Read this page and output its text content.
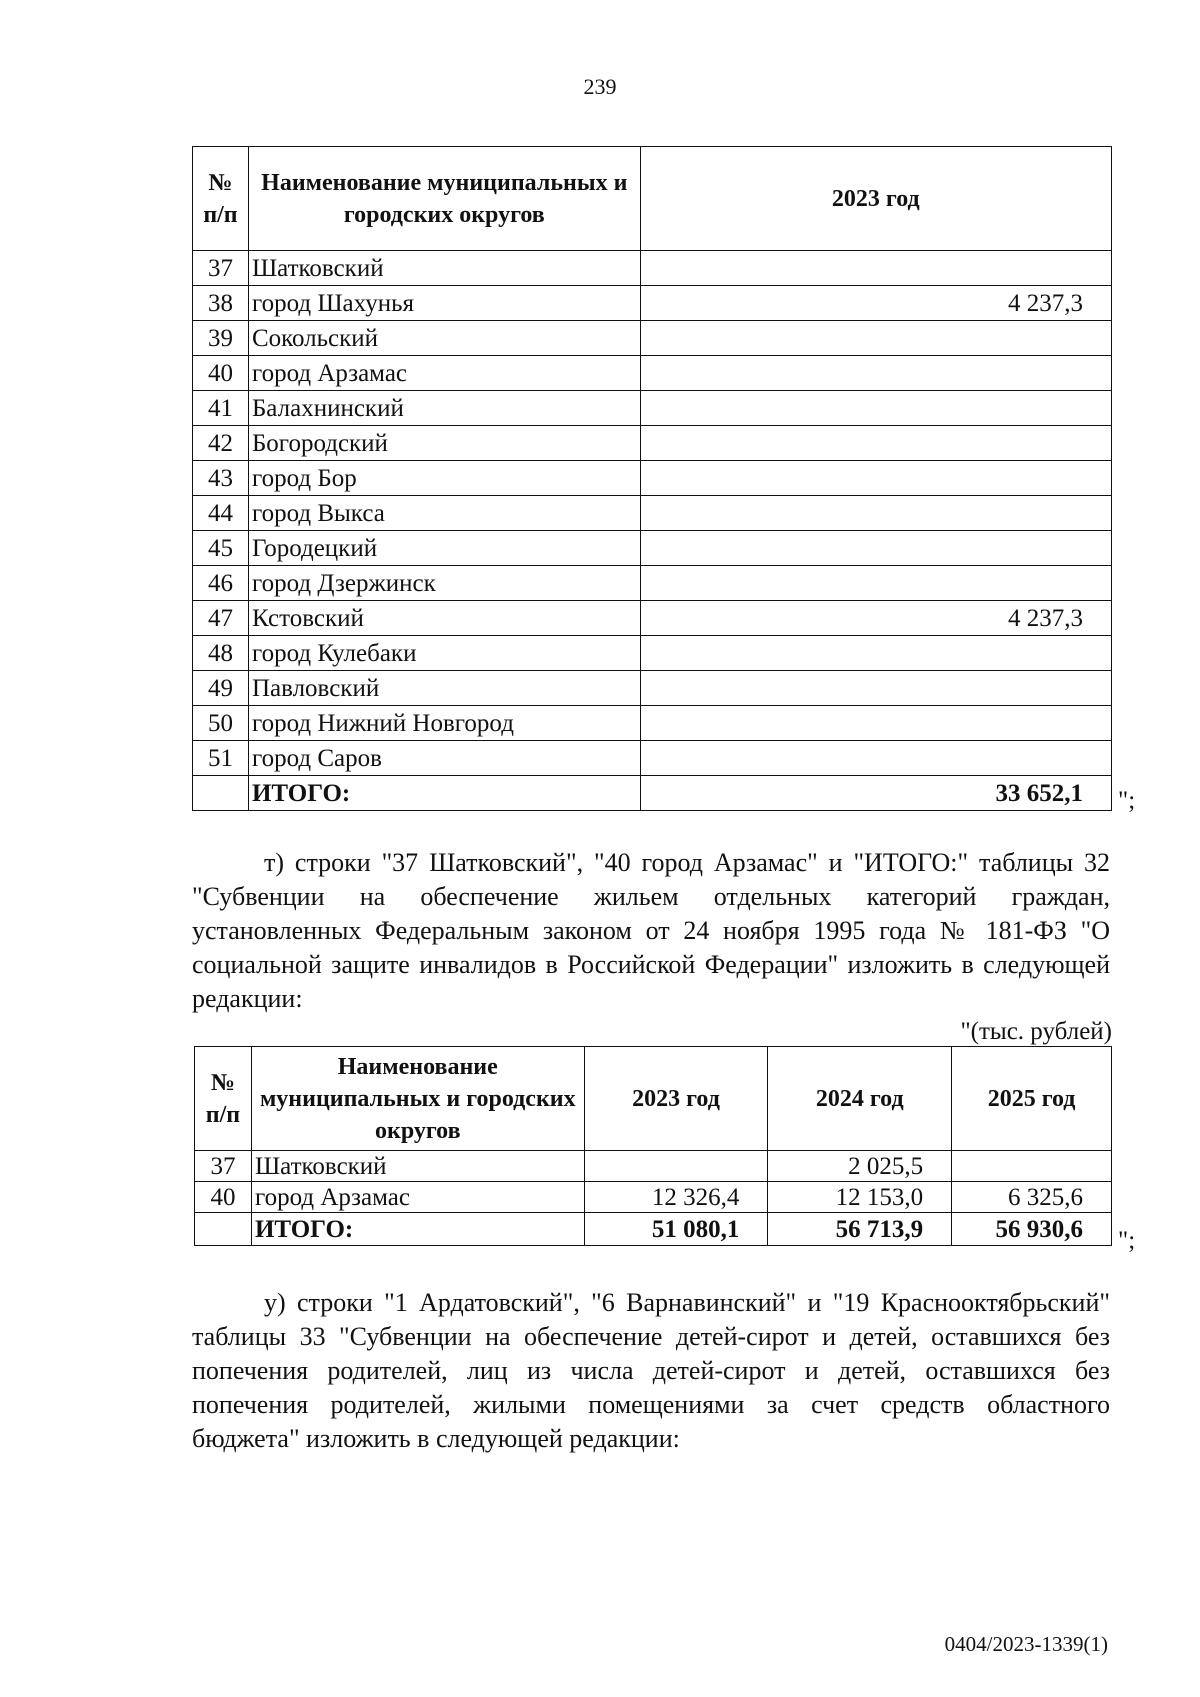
239
№ п/п	Наименование муниципальных и городских округов	2023 год
37	Шатковский	
38	город Шахунья	4 237,3
39	Сокольский	
40	город Арзамас	
41	Балахнинский	
42	Богородский	
43	город Бор	
44	город Выкса	
45	Городецкий	
46	город Дзержинск	
47	Кстовский	4 237,3
48	город Кулебаки	
49	Павловский	
50	город Нижний Новгород	
51	город Саров	
	ИТОГО:	33 652,1 ";
т) строки "37 Шатковский", "40 город Арзамас" и "ИТОГО:" таблицы 32 "Субвенции на обеспечение жильем отдельных категорий граждан, установленных Федеральным законом от 24 ноября 1995 года № 181-ФЗ "О социальной защите инвалидов в Российской Федерации" изложить в следующей редакции:
"(тыс. рублей)
№ п/п	Наименование муниципальных и городских округов	2023 год	2024 год	2025 год
37	Шатковский		2 025,5	
40	город Арзамас	12 326,4	12 153,0	6 325,6
	ИТОГО:	51 080,1	56 713,9	56 930,6 ";
у) строки "1 Ардатовский", "6 Варнавинский" и "19 Краснооктябрьский" таблицы 33 "Субвенции на обеспечение детей-сирот и детей, оставшихся без попечения родителей, лиц из числа детей-сирот и детей, оставшихся без попечения родителей, жилыми помещениями за счет средств областного бюджета" изложить в следующей редакции:
0404/2023-1339(1)
